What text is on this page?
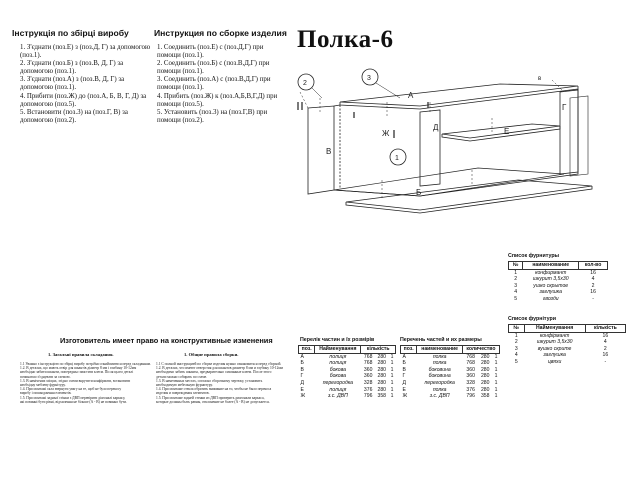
Інструкція по збірці виробу
1. З'єднати (поз.Е) з (поз.Д, Г) за допомогою
(поз.1).
2. З'єднати (поз.Б) з (поз.В, Д, Г) за
допомогою (поз.1).
3. З'єднати (поз.А) з (поз.В, Д, Г) за
допомогою (поз.1).
4. Прибити (поз.Ж) до (поз.А, Б, В, Г, Д) за
допомогою (поз.5).
5. Встановити (поз.3) на (поз.Г, В) за
допомогою (поз.2).
Инструкция по сборке изделия
1. Соединить (поз.Е) с (поз.Д,Г) при
помощи (поз.1).
2. Соединить (поз.Б) с (поз.В,Д,Г) при
помощи (поз.1).
3. Соединить (поз.А) с (поз.В,Д,Г) при
помощи (поз.1).
4. Прибить (поз.Ж) к (поз.А,Б,В,Г,Д) при
помощи (поз.5).
5. Установить (поз.3) на (поз.Г,В) при
помощи (поз.2).
Полка-6
А
В
Д	Е
Г
Ж
Б
в
2
3
1
Список фурнитуры
№	наименование	кол-во
1	конфирмант	16
2	шкурит 3,5х30	4
3	ушко скрытое	2
4	заглушка	16
5	гвозди	-
Список фурнітури
№	Найменування	кількість
1	конфірмант	16
2	шкурит 3,5х30	4
3	вушко скрите	2
4	заглушка	16
5	цвяхи	-
Изготовитель имеет право на конструктивные изменения
1. Загальні правила складання.
1.1 Уважно з інструкцією по збірці виробу потрібно ознайомитися перед складанням.
1.2. В деталях, що мають отвір для шкантів діаметр 8 мм і глибину 10-12мм
необхідно забити шканти, попередньо змастити клеєм. Після цього деталі
починаємо з'єднувати за схемою.
1.3. В намічених місцях, згідно схеми вкрутити конфірмати, встановити
необхідну меблеву фурнітуру.
1.4. При монтажі скла звернути увагу на те, щоб не було перекосу
виробу і пошкодження елементів.
1.5. При монтажі задньої стінки з ДВП перевірити діагоналі каркасу,
які повинні бути рівні, відхилення не більше (А - В) не повинно бути.
1. Общие правила сборки.
1.1 С полной инструкцией по сборке изделия нужно ознакомиться перед сборкой.
1.2. В деталях, что имеют отверстия для шкантов диаметр 8 мм и глубину 10-12мм
необходимо забить шканты, предварительно смазанные клеем. После этого
детали можно собирать по схеме.
1.3. В намеченных местах, согласно сборочному чертежу, установить
необходимую мебельную фурнитуру.
1.4. При монтаже стекла обратить внимание на то, чтобы не было перекоса
изделия и повреждения элементов.
1.5. При монтаже задней стенки из ДВП проверить диагонали каркаса,
которые должны быть равны, отклонение не более (А - В) не допускается.
Перелік частин и їх розмірів
поз.	Найменування	кількість		
А	полиця	768	280	1
Б	полиця	768	280	1
В	бокова	360	280	1
Г	бокова	360	280	1
Д	перегородка	328	280	1
Е	полиця	376	280	1
Ж	з.с. ДВП	796	358	1
Перечень частей и их размеры
поз.	наименование	количество		
А	полка	768	280	1
Б	полка	768	280	1
В	боковина	360	280	1
Г	боковина	360	280	1
Д	перегородка	328	280	1
Е	полка	376	280	1
Ж	з.с. ДВП	796	358	1
